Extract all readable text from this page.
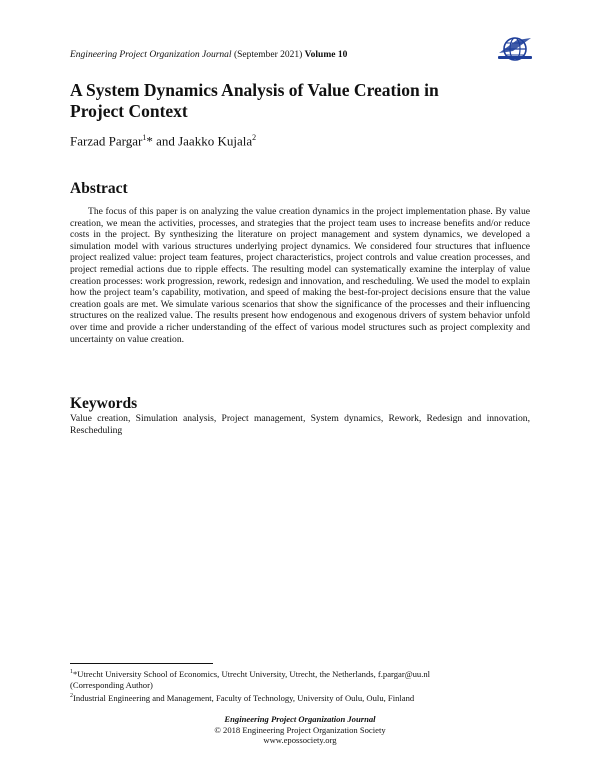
Engineering Project Organization Journal (September 2021) Volume 10
A System Dynamics Analysis of Value Creation in Project Context
Farzad Pargar$^1$* and Jaakko Kujala$^2$
Abstract

The focus of this paper is on analyzing the value creation dynamics in the project implementation phase. By value creation, we mean the activities, processes, and strategies that the project team uses to increase benefits and/or reduce costs in the project. By synthesizing the literature on project management and system dynamics, we developed a simulation model with various structures underlying project dynamics. We considered four structures that influence project realized value: project team features, project characteristics, project controls and value creation processes, and project remedial actions due to ripple effects. The resulting model can systematically examine the interplay of value creation processes: work progression, rework, redesign and innovation, and rescheduling. We used the model to explain how the project team’s capability, motivation, and speed of making the best-for-project decisions ensure that the value creation goals are met. We simulate various scenarios that show the significance of the processes and their influencing structures on the realized value. The results present how endogenous and exogenous drivers of system behavior unfold over time and provide a richer understanding of the effect of various model structures such as project complexity and uncertainty on value creation.

Keywords

Value creation, Simulation analysis, Project management, System dynamics, Rework, Redesign and innovation, Rescheduling

$^1$*Utrecht University School of Economics, Utrecht University, Utrecht, the Netherlands, f.pargar@uu.nl

(Corresponding Author)

$^2$Industrial Engineering and Management, Faculty of Technology, University of Oulu, Oulu, Finland

Engineering Project Organization Journal

© 2018 Engineering Project Organization Society

www.epossociety.org
